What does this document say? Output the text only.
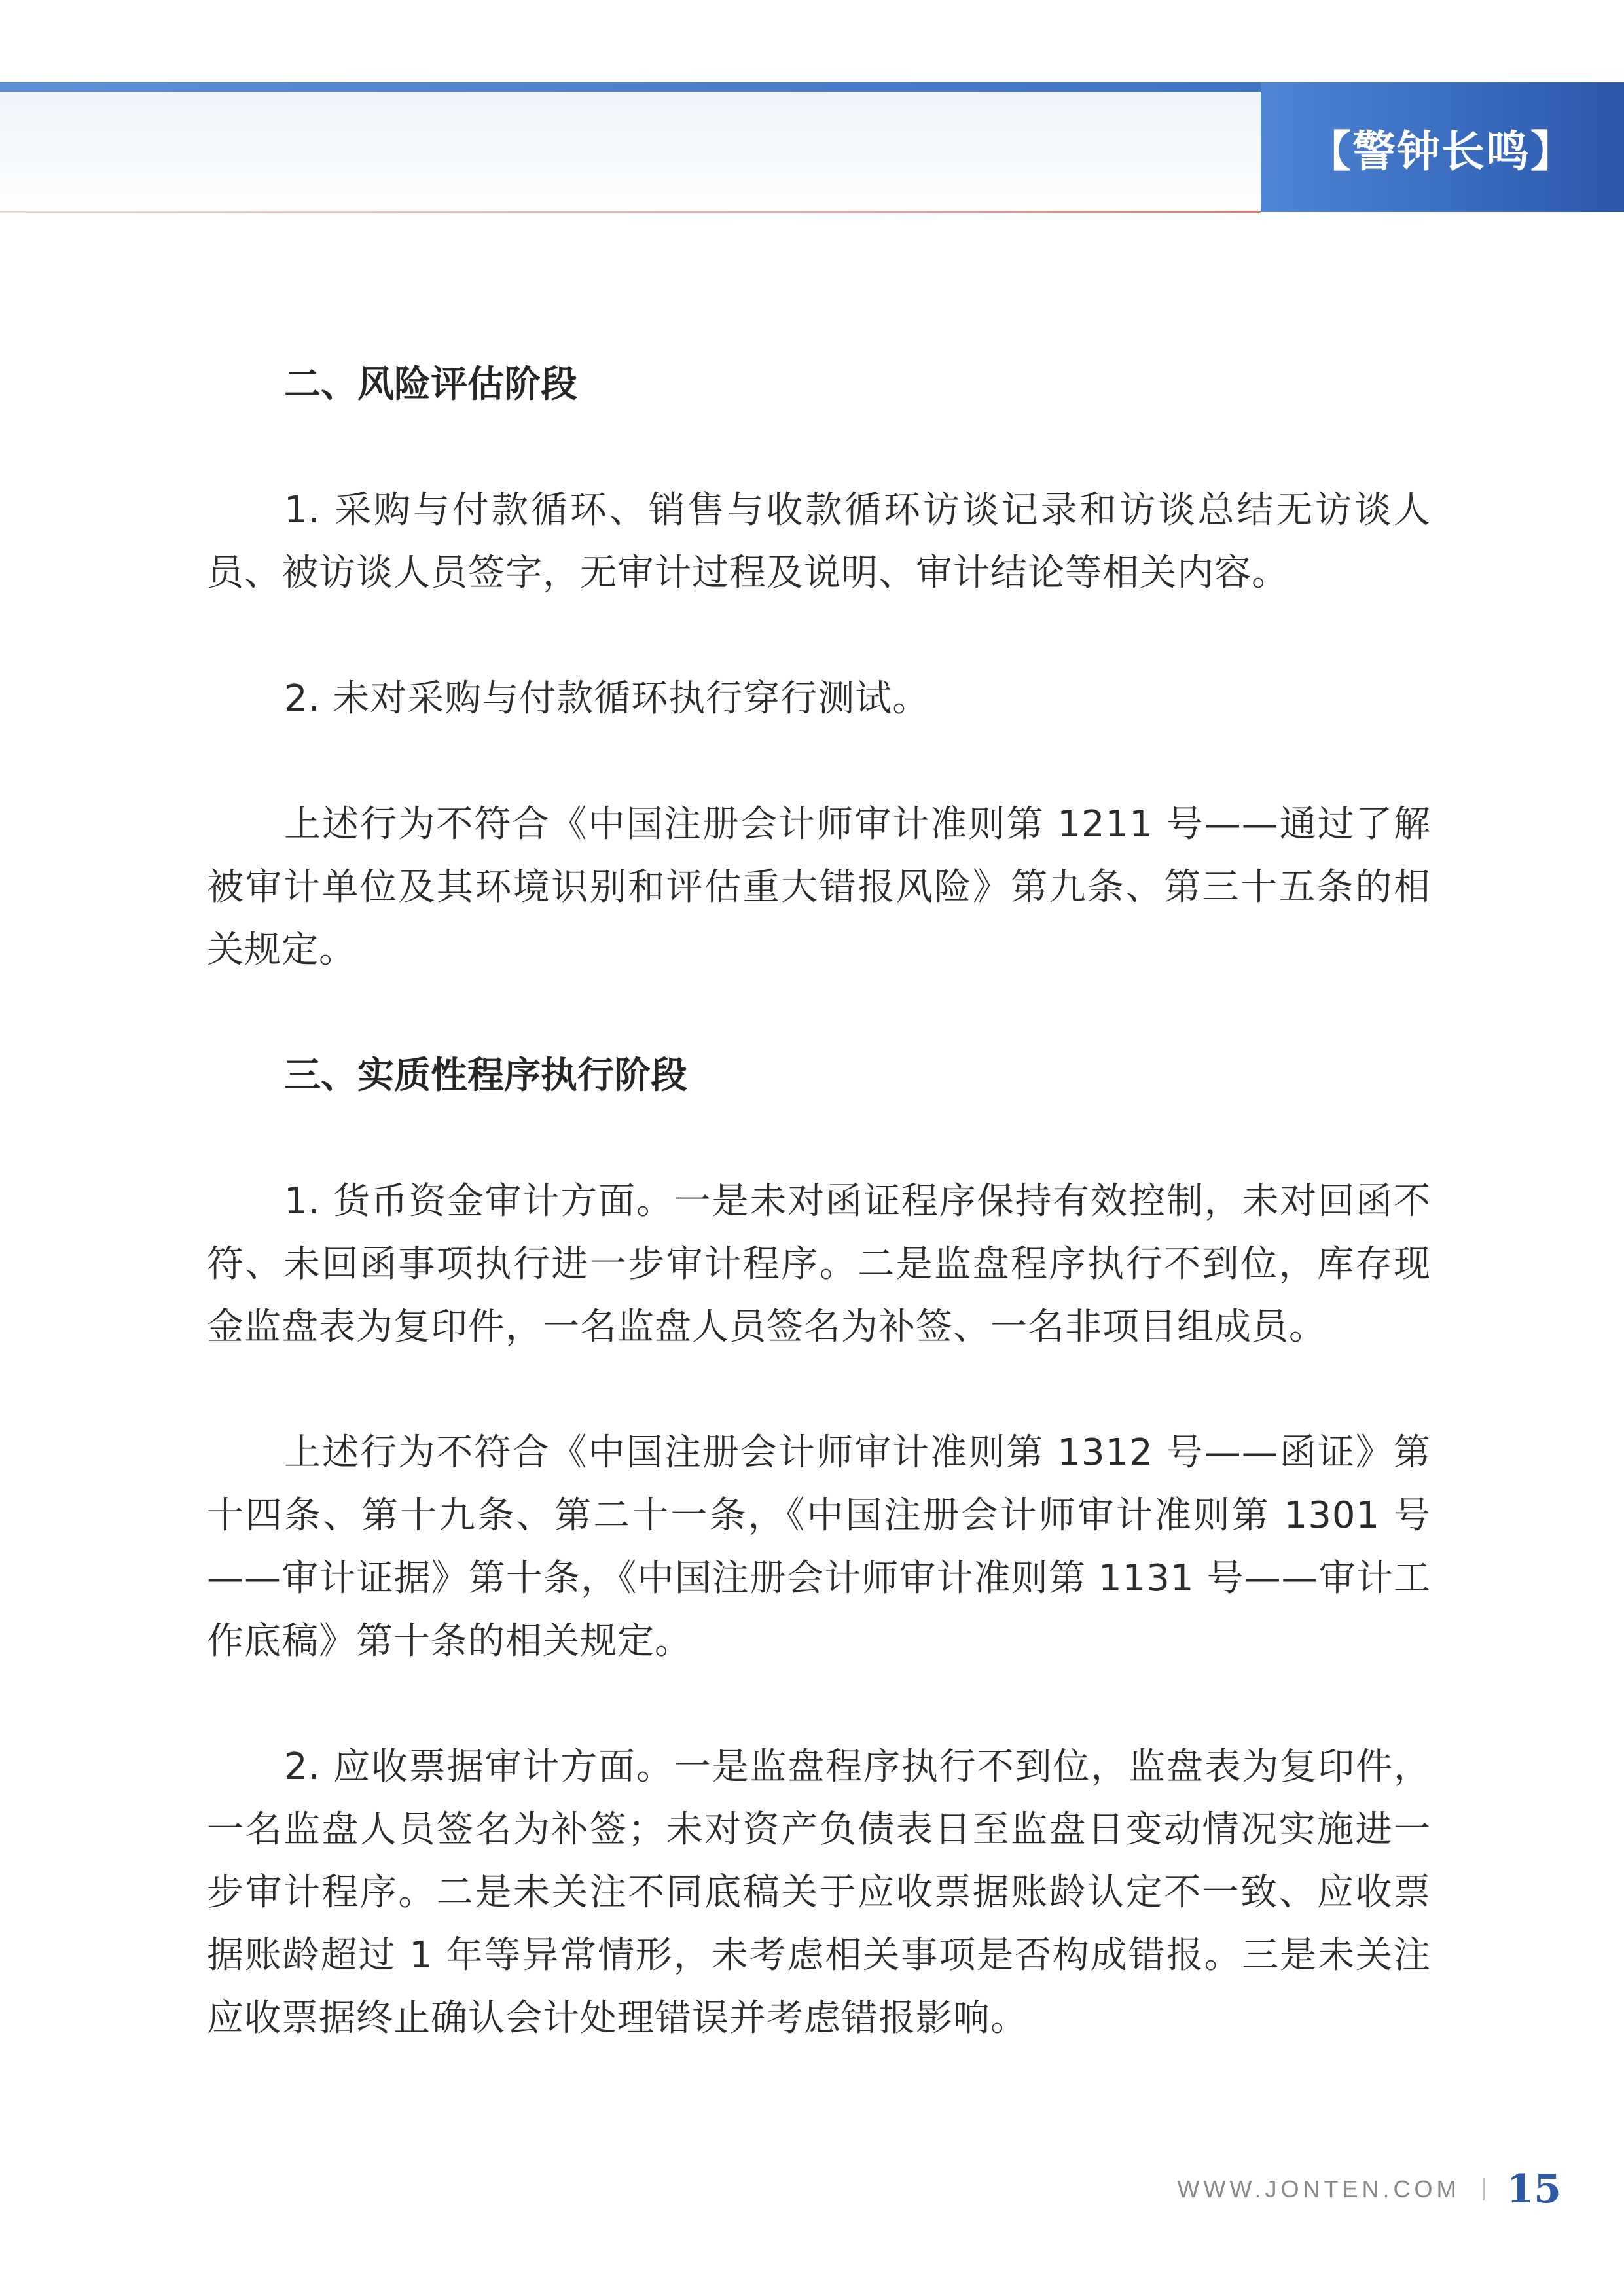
【警钟长鸣】

二、风险评估阶段

1. 采购与付款循环、销售与收款循环访谈记录和访谈总结无访谈人员、被访谈人员签字，无审计过程及说明、审计结论等相关内容。

2. 未对采购与付款循环执行穿行测试。

上述行为不符合《中国注册会计师审计准则第 1211 号——通过了解被审计单位及其环境识别和评估重大错报风险》第九条、第三十五条的相关规定。

三、实质性程序执行阶段

1. 货币资金审计方面。一是未对函证程序保持有效控制，未对回函不符、未回函事项执行进一步审计程序。二是监盘程序执行不到位，库存现金监盘表为复印件，一名监盘人员签名为补签、一名非项目组成员。

上述行为不符合《中国注册会计师审计准则第 1312 号——函证》第十四条、第十九条、第二十一条，《中国注册会计师审计准则第 1301 号——审计证据》第十条，《中国注册会计师审计准则第 1131 号——审计工作底稿》第十条的相关规定。

2. 应收票据审计方面。一是监盘程序执行不到位，监盘表为复印件，一名监盘人员签名为补签；未对资产负债表日至监盘日变动情况实施进一步审计程序。二是未关注不同底稿关于应收票据账龄认定不一致、应收票据账龄超过 1 年等异常情形，未考虑相关事项是否构成错报。三是未关注应收票据终止确认会计处理错误并考虑错报影响。

WWW.JONTEN.COM 15
